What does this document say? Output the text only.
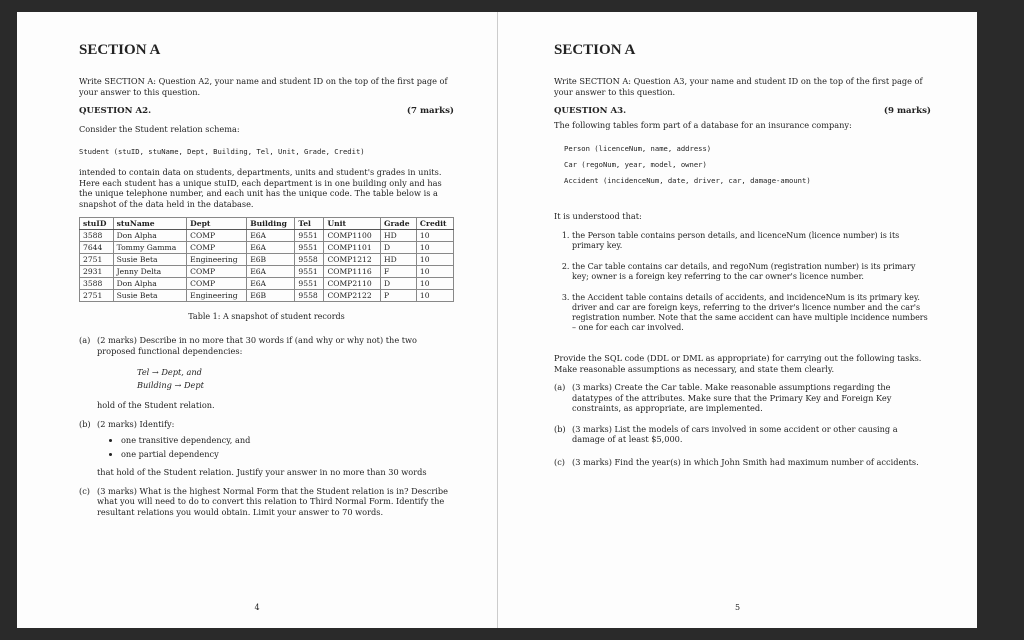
SECTION A

Write SECTION A: Question A2, your name and student ID on the top of the first page of your answer to this question.

QUESTION A2.	(7 marks)

Consider the Student relation schema:

Student (stuID, stuName, Dept, Building, Tel, Unit, Grade, Credit)

intended to contain data on students, departments, units and student's grades in units. Here each student has a unique stuID, each department is in one building only and has the unique telephone number, and each unit has the unique code. The table below is a snapshot of the data held in the database.

stuID	stuName	Dept	Building	Tel	Unit	Grade	Credit
3588	Don Alpha	COMP	E6A	9551	COMP1100	HD	10
7644	Tommy Gamma	COMP	E6A	9551	COMP1101	D	10
2751	Susie Beta	Engineering	E6B	9558	COMP1212	HD	10
2931	Jenny Delta	COMP	E6A	9551	COMP1116	F	10
3588	Don Alpha	COMP	E6A	9551	COMP2110	D	10
2751	Susie Beta	Engineering	E6B	9558	COMP2122	P	10
Table 1: A snapshot of student records
(a) (2 marks) Describe in no more that 30 words if (and why or why not) the two proposed functional dependencies:

Tel → Dept, and
Building → Dept

hold of the Student relation.

(b) (2 marks) Identify:

• one transitive dependency, and
• one partial dependency

that hold of the Student relation. Justify your answer in no more than 30 words

(c) (3 marks) What is the highest Normal Form that the Student relation is in? Describe what you will need to do to convert this relation to Third Normal Form. Identify the resultant relations you would obtain. Limit your answer to 70 words.

4
SECTION A

Write SECTION A: Question A3, your name and student ID on the top of the first page of your answer to this question.

QUESTION A3.	(9 marks)

The following tables form part of a database for an insurance company:

Person (licenceNum, name, address)
Car (regoNum, year, model, owner)
Accident (incidenceNum, date, driver, car, damage-amount)

It is understood that:

1. the Person table contains person details, and licenceNum (licence number) is its primary key.
2. the Car table contains car details, and regoNum (registration number) is its primary key; owner is a foreign key referring to the car owner's licence number.
3. the Accident table contains details of accidents, and incidenceNum is its primary key. driver and car are foreign keys, referring to the driver's licence number and the car's registration number. Note that the same accident can have multiple incidence numbers – one for each car involved.

Provide the SQL code (DDL or DML as appropriate) for carrying out the following tasks. Make reasonable assumptions as necessary, and state them clearly.

(a) (3 marks) Create the Car table. Make reasonable assumptions regarding the datatypes of the attributes. Make sure that the Primary Key and Foreign Key constraints, as appropriate, are implemented.

(b) (3 marks) List the models of cars involved in some accident or other causing a damage of at least $5,000.

(c) (3 marks) Find the year(s) in which John Smith had maximum number of accidents.

5
